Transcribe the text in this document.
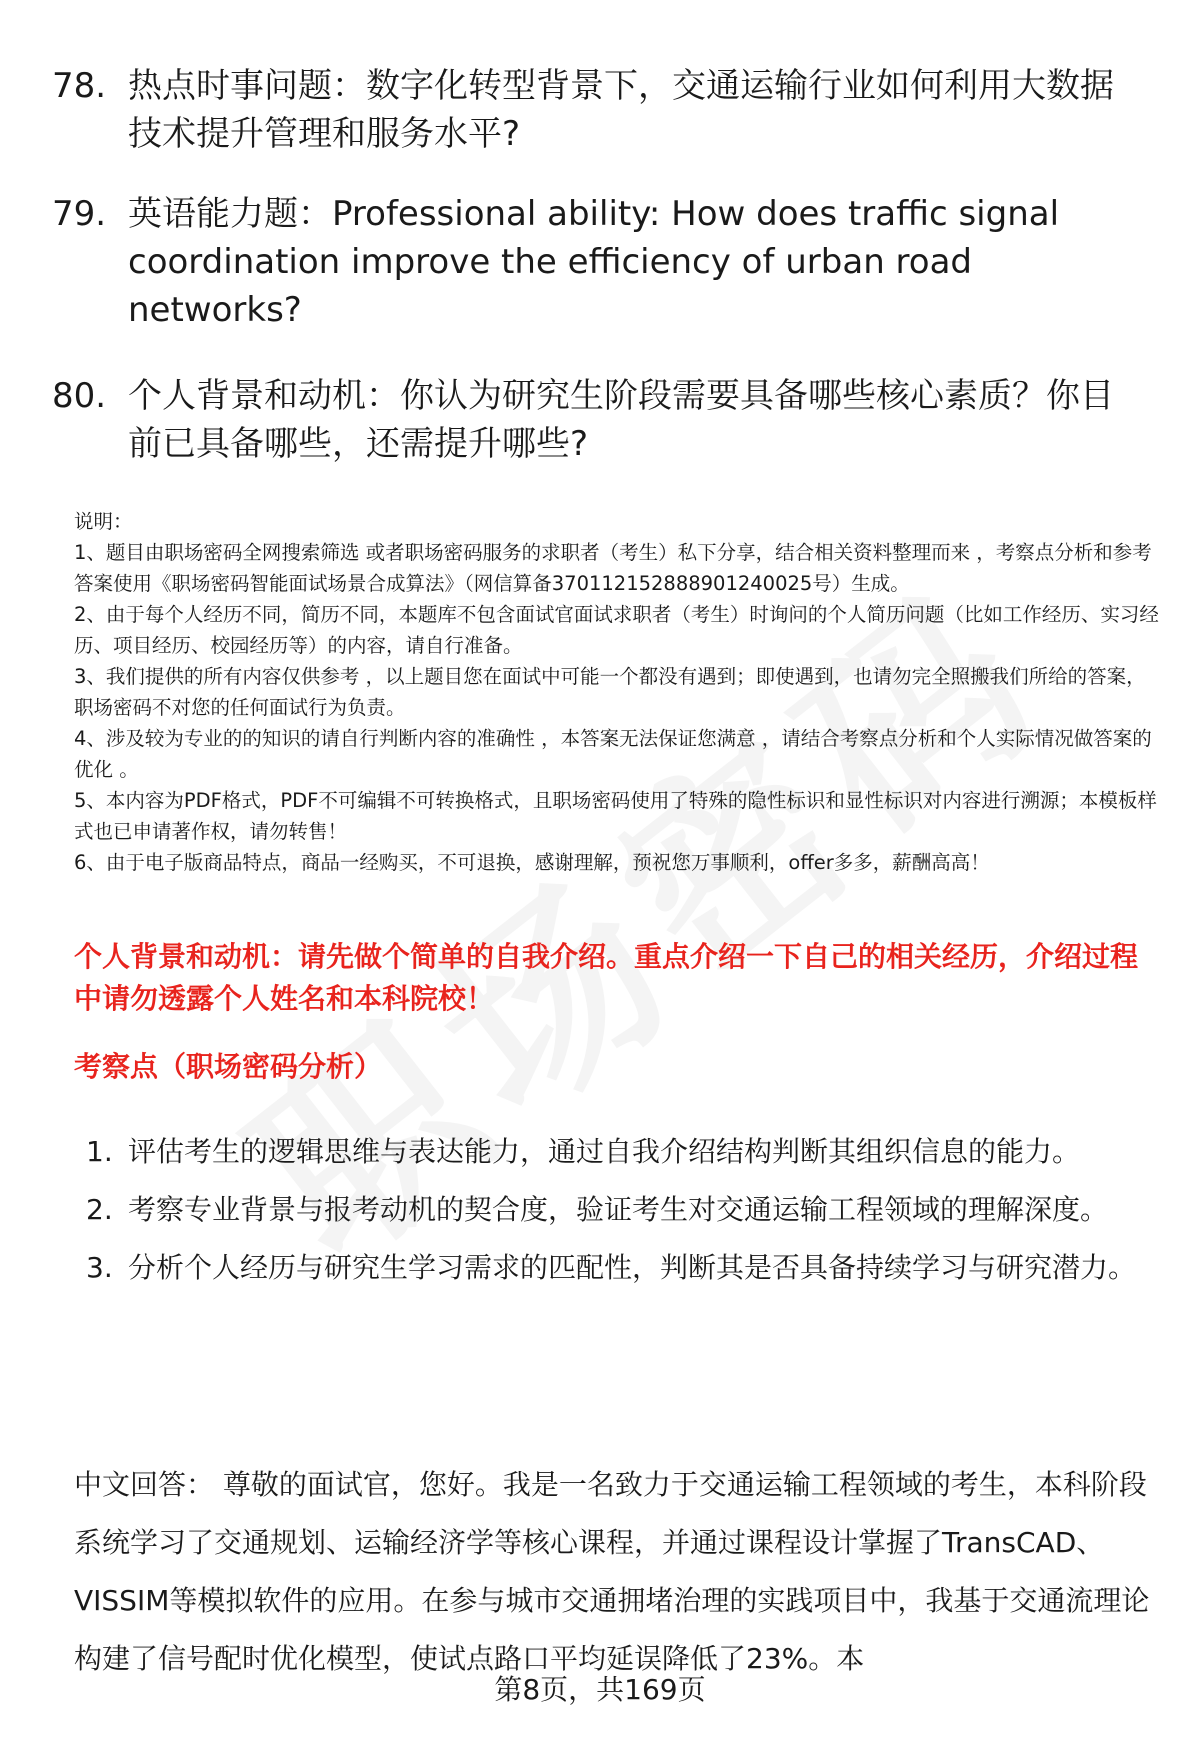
78. 热点时事问题：数字化转型背景下，交通运输行业如何利用大数据技术提升管理和服务水平?
79. 英语能力题：Professional ability: How does traffic signal coordination improve the efficiency of urban road networks?
80. 个人背景和动机：你认为研究生阶段需要具备哪些核心素质？你目前已具备哪些，还需提升哪些?

说明：

1、题目由职场密码全网搜索筛选 或者职场密码服务的求职者（考生）私下分享，结合相关资料整理而来 ，考察点分析和参考答案使用《职场密码智能面试场景合成算法》（网信算备370112152888901240025号）生成。

2、由于每个人经历不同，简历不同，本题库不包含面试官面试求职者（考生）时询问的个人简历问题（比如工作经历、实习经历、项目经历、校园经历等）的内容，请自行准备。

3、我们提供的所有内容仅供参考 ，以上题目您在面试中可能一个都没有遇到；即使遇到，也请勿完全照搬我们所给的答案，职场密码不对您的任何面试行为负责。

4、涉及较为专业的的知识的请自行判断内容的准确性 ，本答案无法保证您满意 ，请结合考察点分析和个人实际情况做答案的优化 。

5、本内容为PDF格式，PDF不可编辑不可转换格式，且职场密码使用了特殊的隐性标识和显性标识对内容进行溯源；本模板样式也已申请著作权，请勿转售！

6、由于电子版商品特点，商品一经购买，不可退换，感谢理解，预祝您万事顺利，offer多多，薪酬高高！

个人背景和动机：请先做个简单的自我介绍。重点介绍一下自己的相关经历，介绍过程中请勿透露个人姓名和本科院校！
考察点（职场密码分析）
1. 评估考生的逻辑思维与表达能力，通过自我介绍结构判断其组织信息的能力。
2. 考察专业背景与报考动机的契合度，验证考生对交通运输工程领域的理解深度。
3. 分析个人经历与研究生学习需求的匹配性，判断其是否具备持续学习与研究潜力。
中文回答： 尊敬的面试官，您好。我是一名致力于交通运输工程领域的考生，本科阶段系统学习了交通规划、运输经济学等核心课程，并通过课程设计掌握了TransCAD、VISSIM等模拟软件的应用。在参与城市交通拥堵治理的实践项目中，我基于交通流理论构建了信号配时优化模型，使试点路口平均延误降低了23%。本
第8页，共169页
